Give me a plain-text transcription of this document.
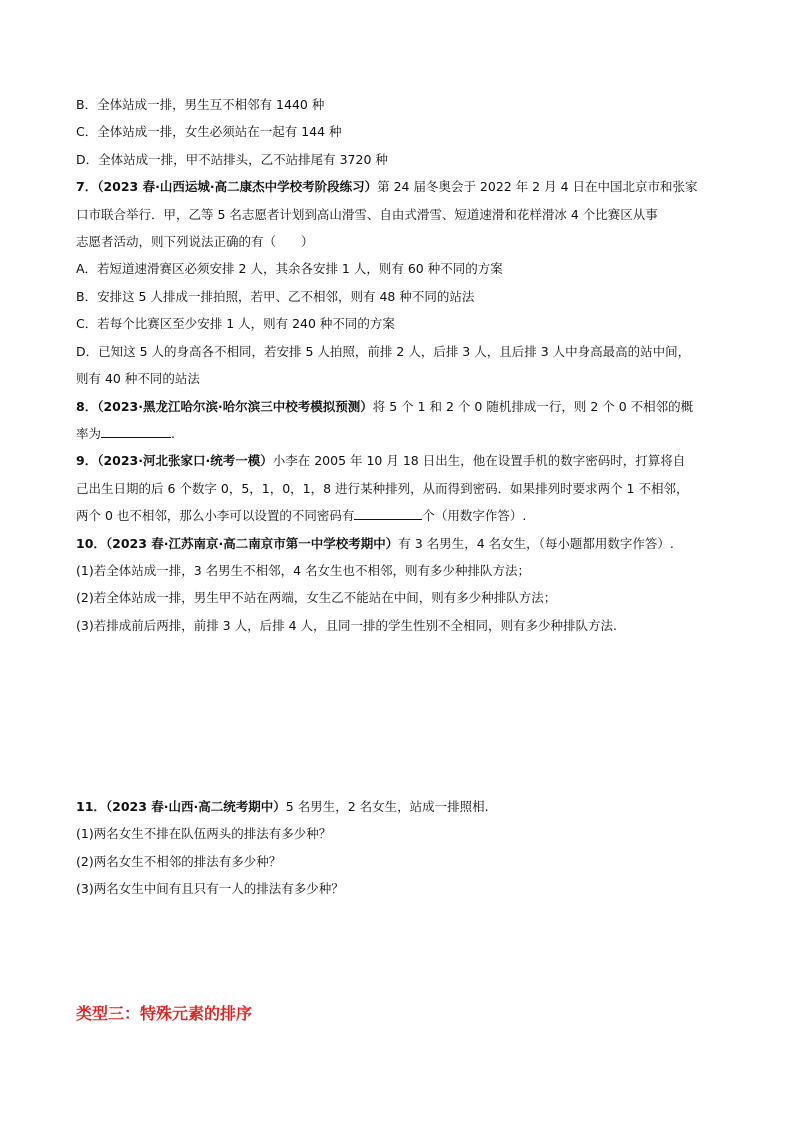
B．全体站成一排，男生互不相邻有 1440 种
C．全体站成一排，女生必须站在一起有 144 种
D．全体站成一排，甲不站排头，乙不站排尾有 3720 种
7．（2023 春·山西运城·高二康杰中学校考阶段练习）第 24 届冬奥会于 2022 年 2 月 4 日在中国北京市和张家
口市联合举行．甲，乙等 5 名志愿者计划到高山滑雪、自由式滑雪、短道速滑和花样滑冰 4 个比赛区从事
志愿者活动，则下列说法正确的有（　　）
A．若短道速滑赛区必须安排 2 人，其余各安排 1 人，则有 60 种不同的方案
B．安排这 5 人排成一排拍照，若甲、乙不相邻，则有 48 种不同的站法
C．若每个比赛区至少安排 1 人，则有 240 种不同的方案
D．已知这 5 人的身高各不相同，若安排 5 人拍照，前排 2 人，后排 3 人，且后排 3 人中身高最高的站中间，
则有 40 种不同的站法
8．（2023·黑龙江哈尔滨·哈尔滨三中校考模拟预测）将 5 个 1 和 2 个 0 随机排成一行，则 2 个 0 不相邻的概
率为	.
9．（2023·河北张家口·统考一模）小李在 2005 年 10 月 18 日出生，他在设置手机的数字密码时，打算将自
己出生日期的后 6 个数字 0，5，1，0，1，8 进行某种排列，从而得到密码．如果排列时要求两个 1 不相邻，
两个 0 也不相邻，那么小李可以设置的不同密码有	个（用数字作答）.
10．（2023 春·江苏南京·高二南京市第一中学校考期中）有 3 名男生，4 名女生，（每小题都用数字作答）.
(1)若全体站成一排，3 名男生不相邻，4 名女生也不相邻，则有多少种排队方法；
(2)若全体站成一排，男生甲不站在两端，女生乙不能站在中间，则有多少种排队方法；
(3)若排成前后两排，前排 3 人，后排 4 人，且同一排的学生性别不全相同，则有多少种排队方法.
11．（2023 春·山西·高二统考期中）5 名男生，2 名女生，站成一排照相.
(1)两名女生不排在队伍两头的排法有多少种？
(2)两名女生不相邻的排法有多少种？
(3)两名女生中间有且只有一人的排法有多少种？
类型三：特殊元素的排序
